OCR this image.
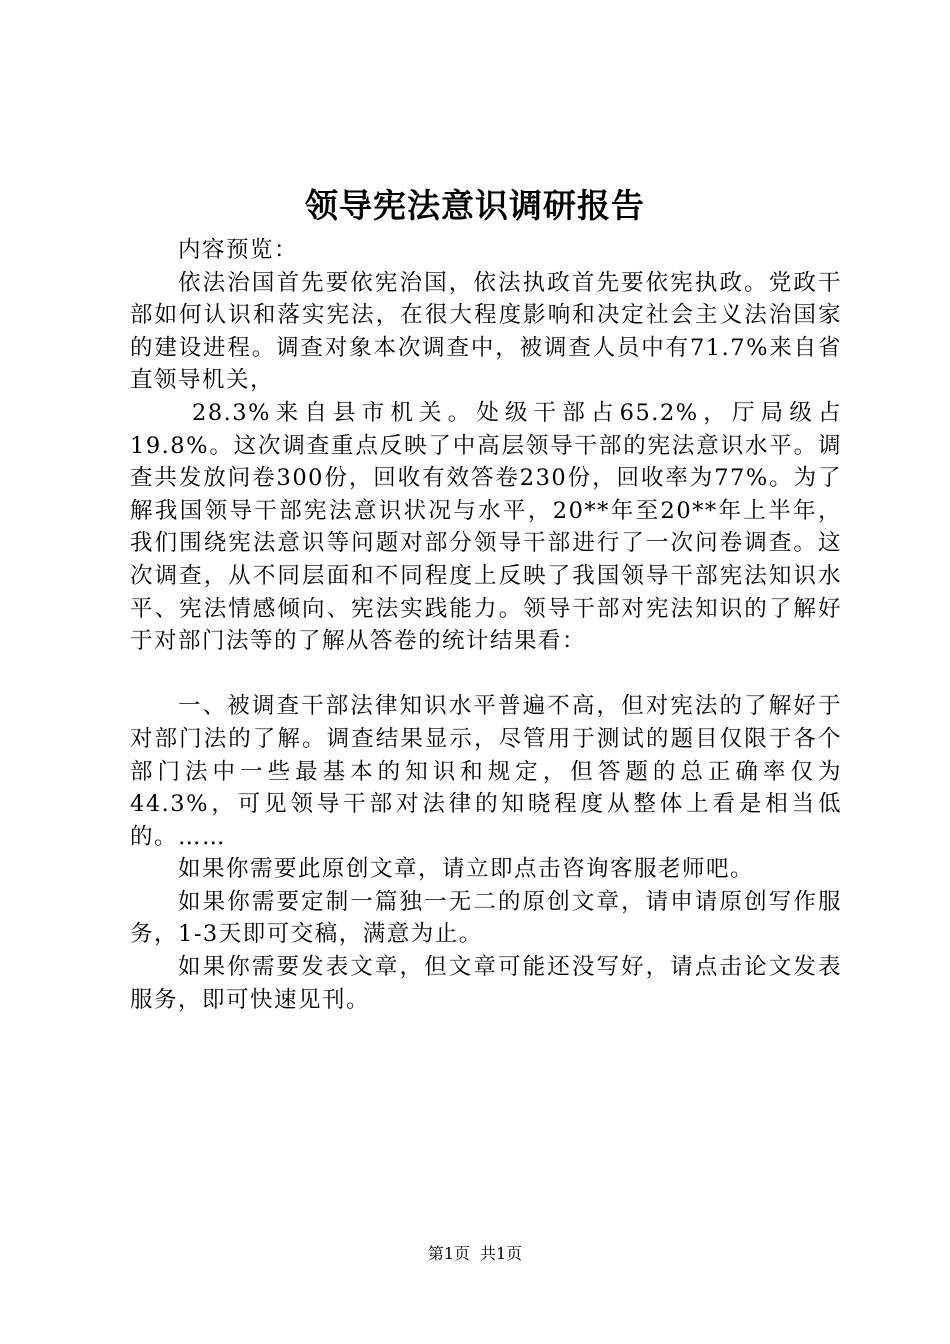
领导宪法意识调研报告

内容预览：

依法治国首先要依宪治国，依法执政首先要依宪执政。党政干部如何认识和落实宪法，在很大程度影响和决定社会主义法治国家的建设进程。调查对象本次调查中，被调查人员中有71.7%来自省直领导机关，

28.3%来自县市机关。处级干部占65.2%，厅局级占19.8%。这次调查重点反映了中高层领导干部的宪法意识水平。调查共发放问卷300份，回收有效答卷230份，回收率为77%。为了解我国领导干部宪法意识状况与水平，20**年至20**年上半年，我们围绕宪法意识等问题对部分领导干部进行了一次问卷调查。这次调查，从不同层面和不同程度上反映了我国领导干部宪法知识水平、宪法情感倾向、宪法实践能力。领导干部对宪法知识的了解好于对部门法等的了解从答卷的统计结果看：

一、被调查干部法律知识水平普遍不高，但对宪法的了解好于对部门法的了解。调查结果显示，尽管用于测试的题目仅限于各个部门法中一些最基本的知识和规定，但答题的总正确率仅为44.3%，可见领导干部对法律的知晓程度从整体上看是相当低的。……

如果你需要此原创文章，请立即点击咨询客服老师吧。

如果你需要定制一篇独一无二的原创文章，请申请原创写作服务，1-3天即可交稿，满意为止。

如果你需要发表文章，但文章可能还没写好，请点击论文发表服务，即可快速见刊。

第1页 共1页
